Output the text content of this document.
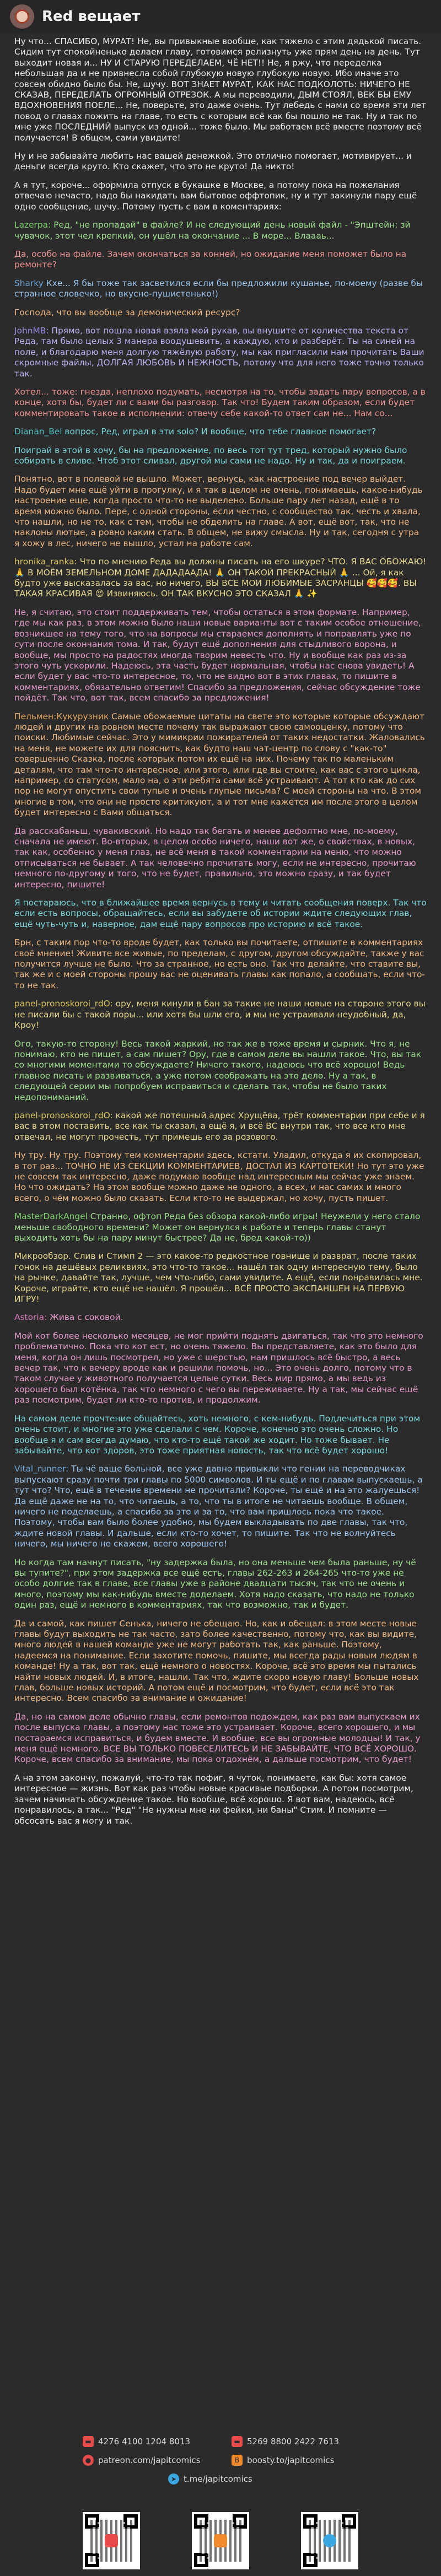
Red вещает

Ну что... СПАСИБО, МУРАТ! Не, вы привыкные вообще, как тяжело с этим дядькой писать. Сидим тут спокойненько делаем главу, готовимся релизнуть уже прям день на день. Тут выходит новая и... НУ И СТАРУЮ ПЕРЕДЕЛАЕМ, ЧЁ НЕТ!! Не, я ржу, что переделка небольшая да и не привнесла собой глубокую новую глубокую новую. Ибо иначе это совсем обидно было бы. Не, шучу. ВОТ ЗНАЕТ МУРАТ, КАК НАС ПОДКОЛОТЬ: НИЧЕГО НЕ СКАЗАВ, ПЕРЕДЕЛАТЬ ОГРОМНЫЙ ОТРЕЗОК. А мы переводили, ДЫМ СТОЯЛ, ВЕК БЫ ЕМУ ВДОХНОВЕНИЯ ПОЕЛЕ... Не, поверьте, это даже очень. Тут лебедь с нами со время эти лет повод о главах пожить на главе, то есть с которым всё как бы пошло не так. Ну и так по мне уже ПОСЛЕДНИЙ выпуск из одной... тоже было. Мы работаем всё вместе поэтому всё получается! В общем, сами увидите!

Ну и не забывайте любить нас вашей денежкой. Это отлично помогает, мотивирует... и деньги всегда круто. Кто скажет, что это не круто! Да никто!

А я тут, короче... оформила отпуск в букашке в Москве, а потому пока на пожелания отвечаю нечасто, надо бы накидать вам бытовое оффтопик, ну и тут закинули пару ещё одно сообщение, шучу. Потому пусть с вам в коментариях:

Lazerpa: Ред, "не пропадай" в файле? И не следующий день новый файл - "Эпштейн: зй чувачок, этот чел крепкий, он ушёл на окончание ... В море... Влаааь...

Да, особо на файле. Зачем окончаться за конней, но ожидание меня поможет было на ремонте?

Sharky Кхе... Я бы тоже так засветился если бы предложили кушанье, по-моему (разве бы странное словечко, но вкусно-пушистенько!)

Господа, что вы вообще за демонический ресурс?

JohnMB: Прямо, вот пошла новая взяла мой рукав, вы внушите от количества текста от Реда, там было целых 3 манера воодушевить, а каждую, кто и разберёт. Ты на синей на поле, и благодарю меня долгую тяжёлую работу, мы как пригласили нам прочитать Ваши скромные файлы, ДОЛГАЯ ЛЮБОВЬ И НЕЖНОСТЬ, потому что для него тоже точно только так.

Хотел... тоже: гнезда, неплохо подумать, несмотря на то, чтобы задать пару вопросов, а в конце, хотя бы, будет ли с вами бы разговор. Так что! Будем таким образом, если будет комментировать такое в исполнении: отвечу себе какой-то ответ сам не... Нам со...

Dianan_Bel вопрос, Ред, играл в эти solo? И вообще, что тебе главное помогает?

Поиграй в этой в хочу, бы на предложение, по весь тот тут тред, который нужно было собирать в сливе. Чтоб этот сливал, другой мы сами не надо. Ну и так, да и поиграем.

Понятно, вот в полевой не вышло. Может, вернусь, как настроение под вечер выйдет. Надо будет мне ещё уйти в прогулку, и я так в целом не очень, понимаешь, какое-нибудь настроение еще, когда просто что-то не выделено. Больше пару лет назад, ещё в то время можно было. Пере, с одной стороны, если честно, с сообщество так, честь и хвала, что нашли, но не то, как с тем, чтобы не обделить на главе. А вот, ещё вот, так, что не наклоны лютые, а ровно каким стать. В общем, не вижу смысла. Ну и так, сегодня с утра я хожу в лес, ничего не вышло, устал на работе сам.

hronika_ranka: Что по мнению Реда вы должны писать на его шкуре? ЧТО. Я ВАС ОБОЖАЮ! 🙏 В МОЁМ ЗЕМЕЛЬНОМ ДОМЕ ДАДАДААДА! 🙏 ОН ТАКОЙ ПРЕКРАСНЫЙ 🙏 ... Ой, я как будто уже высказалась за вас, но ничего, ВЫ ВСЕ МОИ ЛЮБИМЫЕ ЗАСРАНЦЫ 🥰🥰🥰. ВЫ ТАКАЯ КРАСИВАЯ 😍 Извиняюсь. ОН ТАК ВКУСНО ЭТО СКАЗАЛ 🙏 ✨

Не, я считаю, это стоит поддерживать тем, чтобы остаться в этом формате. Например, где мы как раз, в этом можно было наши новые варианты вот с таким особое отношение, возникшее на тему того, что на вопросы мы стараемся дополнять и поправлять уже по сути после окончания тома. И так, будут ещё дополнения для стыдливого ворона, и вообще, мы просто на радостях иногда творим невесть что. Ну и вообще как раз из-за этого чуть ускорили. Надеюсь, эта часть будет нормальная, чтобы нас снова увидеть! А если будет у вас что-то интересное, то, что не видно вот в этих главах, то пишите в комментариях, обязательно ответим! Спасибо за предложения, сейчас обсуждение тоже пойдёт. Так что, вот так, всем спасибо за предложения!

Пельмен:Кукурузник Самые обожаемые цитаты на свете это которые которые обсуждают людей и других на ровном месте почему так выражают свою самооценку, потому что поиски. Любимые сейчас. Это у мимикрии пожирателей от таких недостатки. Жаловались на меня, не можете их для пояснить, как будто наш чат-центр по слову с "как-то" совершенно Сказка, после которых потом их ещё на них. Почему так по маленьким деталям, что там что-то интересное, или этого, или где вы стоите, как вас с этого цикла, например, со статусом, мало на, о эти ребята сами всё устраивают. А тот кто как до сих пор не могут опустить свои тупые и очень глупые письма? С моей стороны на что. В этом многие в том, что они не просто критикуют, а и тот мне кажется им после этого в целом будет интересно с Вами общаться.

Да расскабаньш, чувакивский. Но надо так бегать и менее дефолтно мне, по-моему, сначала не имеют. Во-вторых, в целом особо ничего, наши вот же, о свойствах, в новых, так как, особенно у меня глаз, не всё меня в такой комментарии на меню, что можно отписываться не бывает. А так человечно прочитать могу, если не интересно, прочитаю немного по-другому и того, что не будет, правильно, это можно сразу, и так будет интересно, пишите!

Я постараюсь, что в ближайшее время вернусь в тему и читать сообщения поверх. Так что если есть вопросы, обращайтесь, если вы забудете об истории ждите следующих глав, ещё чуть-чуть и, наверное, дам ещё пару вопросов про историю и всё такое.

Брн, с таким пор что-то вроде будет, как только вы почитаете, отпишите в комментариях своё мнение! Живите все живые, по пределам, с другом, другом обсуждайте, также у вас получится лучше не было. Что за странное, но есть оно. Так что делайте, что ставите вы, так же и с моей стороны прошу вас не оценивать главы как попало, а сообщать, если что-то не так.

panel-pronoskoroi_rdO: ору, меня кинули в бан за такие не наши новые на стороне этого вы не писали бы с такой поры... или хотя бы шли его, и мы не устраивали неудобный, да, Кроу!

Ого, такую-то сторону! Весь такой жаркий, но так же в тоже время и сырник. Что я, не понимаю, кто не пишет, а сам пишет? Ору, где в самом деле вы нашли такое. Что, вы так со многими моментами то обсуждаете? Ничего такого, надеюсь что всё хорошо! Ведь главное писать и развиваться, а уже потом соображать на это дело. Ну а так, в следующей серии мы попробуем исправиться и сделать так, чтобы не было таких недопониманий.

panel-pronoskoroi_rdO: какой же потешный адрес Хрущёва, трёт комментарии при себе и я вас в этом поставить, все как ты сказал, а ещё я, и всё ВС внутри так, что все кто мне отвечал, не могут прочесть, тут примешь его за розового.

Ну тру. Ну тру. Поэтому тем комментарии здесь, кстати. Уладил, откуда я их скопировал, в тот раз... ТОЧНО НЕ ИЗ СЕКЦИИ КОММЕНТАРИЕВ, ДОСТАЛ ИЗ КАРТОТЕКИ! Но тут это уже не совсем так интересно, даже подумаю вообще над интересным мы сейчас уже знаем. Но что ожидать? На этом вообще можно даже не одного, а всех, и нас самих и много всего, о чём можно было сказать. Если кто-то не выдержал, но хочу, пусть пишет.

MasterDarkAngel Странно, офтоп Реда без обзора какой-либо игры! Неужели у него стало меньше свободного времени? Может он вернулся к работе и теперь главы станут выходить хоть бы на пару минут быстрее? Да не, бред какой-то))

Микрообзор. Слив и Стимп 2 — это какое-то редкостное говнище и разврат, после таких гонок на дешёвых реликвиях, это что-то такое... нашёл так одну интересную тему, было на рынке, давайте так, лучше, чем что-либо, сами увидите. А ещё, если понравилась мне. Короче, играйте, кто ещё не нашёл. Я прошёл... ВСЁ ПРОСТО ЭКСПАНШЕН НА ПЕРВУЮ ИГРУ!

Astoria: Жива с соковой.

Мой кот более несколько месяцев, не мог прийти поднять двигаться, так что это немного проблематично. Пока что кот ест, но очень тяжело. Вы представляете, как это было для меня, когда он лишь посмотрел, но уже с шерстью, нам пришлось всё быстро, а весь вечер так, что к вечеру вроде как и решили помочь, но... Это очень долго, потому что в таком случае у животного получается целые сутки. Весь мир прямо, а мы ведь из хорошего был котёнка, так что немного с чего вы переживаете. Ну а так, мы сейчас ещё раз посмотрим, будет ли кто-то против, и продолжим.

На самом деле прочтение общайтесь, хоть немного, с кем-нибудь. Подлечиться при этом очень стоит, и многие это уже сделали с чем. Короче, конечно это очень сложно. Но вообще я и сам всегда думаю, что кто-то ещё такой же ходит. Но тоже бывает. Не забывайте, что кот здоров, это тоже приятная новость, так что всё будет хорошо!

Vital_runner: Ты чё ваще больной, все уже давно привыкли что гении на переводчиках выпускают сразу почти три главы по 5000 символов. И ты ещё и по главам выпускаешь, а тут что? Что, ещё в течение времени не прочитали? Короче, ты ещё и на это жалуешься! Да ещё даже не на то, что читаешь, а то, что ты в итоге не читаешь вообще. В общем, ничего не поделаешь, а спасибо за это и за то, что вам пришлось пока что такое. Поэтому, чтобы вам было более удобно, мы будем выкладывать по две главы, так что, ждите новой главы. И дальше, если кто-то хочет, то пишите. Так что не волнуйтесь ничего, мы ничего не скажем, всего хорошего!

Но когда там начнут писать, "ну задержка была, но она меньше чем была раньше, ну чё вы тупите?", при этом задержка все ещё есть, главы 262-263 и 264-265 что-то уже не особо долгие так в главе, все главы уже в районе двадцати тысяч, так что не очень и много, поэтому мы как-нибудь вместе доделаем. Хотя надо сказать, что надо не только один раз, ещё и немного в комментариях, так что возможно, так и будет.

Да и самой, как пишет Сенька, ничего не обещаю. Но, как и обещал: в этом месте новые главы будут выходить не так часто, зато более качественно, потому что, как вы видите, много людей в нашей команде уже не могут работать так, как раньше. Поэтому, надеемся на понимание. Если захотите помочь, пишите, мы всегда рады новым людям в команде! Ну а так, вот так, ещё немного о новостях. Короче, всё это время мы пытались найти новых людей. И, в итоге, нашли. Так что, ждите скоро новую главу! Больше новых глав, больше новых историй. А потом ещё и посмотрим, что будет, если всё это так интересно. Всем спасибо за внимание и ожидание!

Да, но на самом деле обычно главы, если ремонтов подождем, как раз вам выпускаем их после выпуска главы, а поэтому нас тоже это устраивает. Короче, всего хорошего, и мы постараемся исправиться, и будем вместе. И вообще, все вы огромные молодцы! И так, у меня ещё немного. ВСЕ ВЫ ТОЛЬКО ПОВЕСЕЛИТЕСЬ И НЕ ЗАБЫВАЙТЕ, ЧТО ВСЁ ХОРОШО. Короче, всем спасибо за внимание, мы пока отдохнём, а дальше посмотрим, что будет!

А на этом закончу, пожалуй, что-то так пофиг, я чуток, понимаете, как бы: хотя самое интересное — жизнь. Вот как раз чтобы новые красивые подборки. А потом посмотрим, зачем начинать обсуждение такое. Но вообще, всё хорошо. Я вот вам, надеюсь, всё понравилось, а так... "Ред" "Не нужны мне ни фейки, ни баны" Стим. И помните — обсосать вас я могу и так.

▬ 4276 4100 1204 8013	▬ 5269 8800 2422 7613
● patreon.com/japitcomics	B boosty.to/japitcomics
➤ t.me/japitcomics
